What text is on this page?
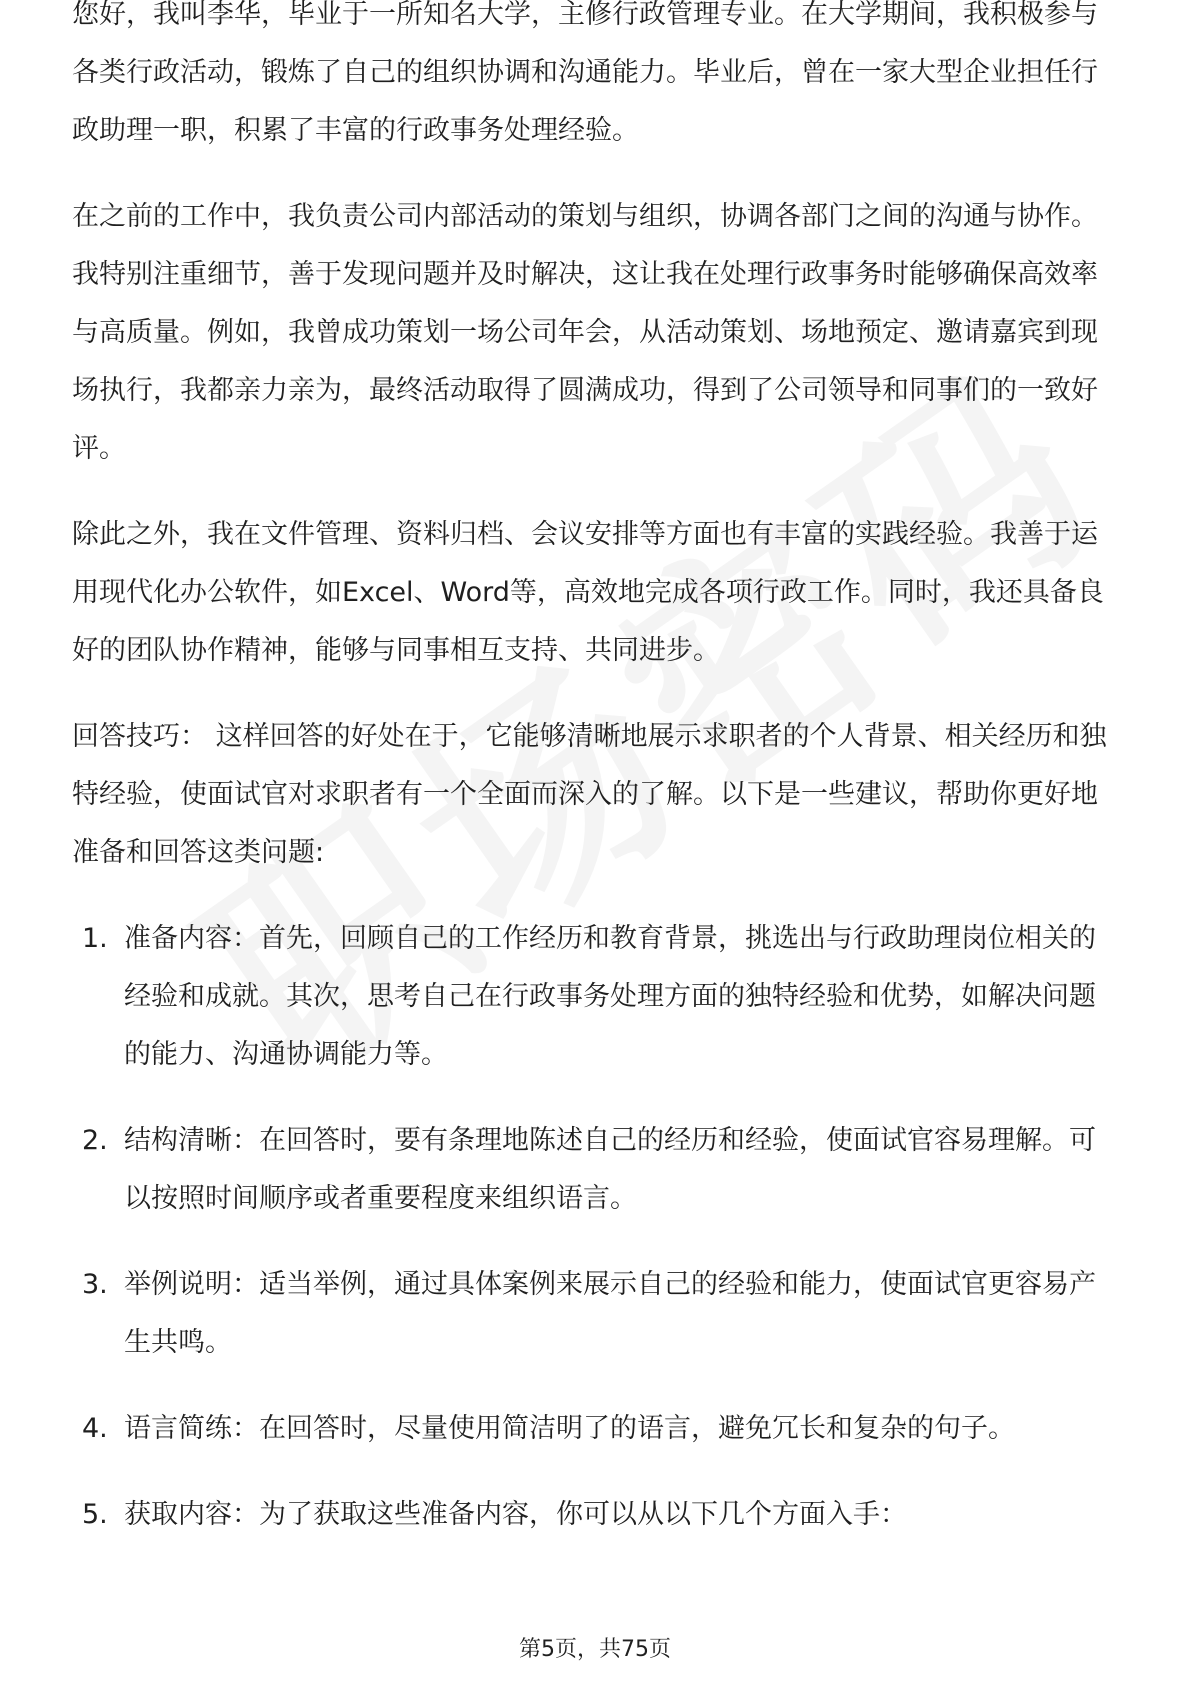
您好，我叫李华，毕业于一所知名大学，主修行政管理专业。在大学期间，我积极参与各类行政活动，锻炼了自己的组织协调和沟通能力。毕业后，曾在一家大型企业担任行政助理一职，积累了丰富的行政事务处理经验。

在之前的工作中，我负责公司内部活动的策划与组织，协调各部门之间的沟通与协作。我特别注重细节，善于发现问题并及时解决，这让我在处理行政事务时能够确保高效率与高质量。例如，我曾成功策划一场公司年会，从活动策划、场地预定、邀请嘉宾到现场执行，我都亲力亲为，最终活动取得了圆满成功，得到了公司领导和同事们的一致好评。

除此之外，我在文件管理、资料归档、会议安排等方面也有丰富的实践经验。我善于运用现代化办公软件，如Excel、Word等，高效地完成各项行政工作。同时，我还具备良好的团队协作精神，能够与同事相互支持、共同进步。

回答技巧： 这样回答的好处在于，它能够清晰地展示求职者的个人背景、相关经历和独特经验，使面试官对求职者有一个全面而深入的了解。以下是一些建议，帮助你更好地准备和回答这类问题:

1. 准备内容：首先，回顾自己的工作经历和教育背景，挑选出与行政助理岗位相关的经验和成就。其次，思考自己在行政事务处理方面的独特经验和优势，如解决问题的能力、沟通协调能力等。
2. 结构清晰：在回答时，要有条理地陈述自己的经历和经验，使面试官容易理解。可以按照时间顺序或者重要程度来组织语言。
3. 举例说明：适当举例，通过具体案例来展示自己的经验和能力，使面试官更容易产生共鸣。
4. 语言简练：在回答时，尽量使用简洁明了的语言，避免冗长和复杂的句子。
5. 获取内容：为了获取这些准备内容，你可以从以下几个方面入手：
第5页，共75页
